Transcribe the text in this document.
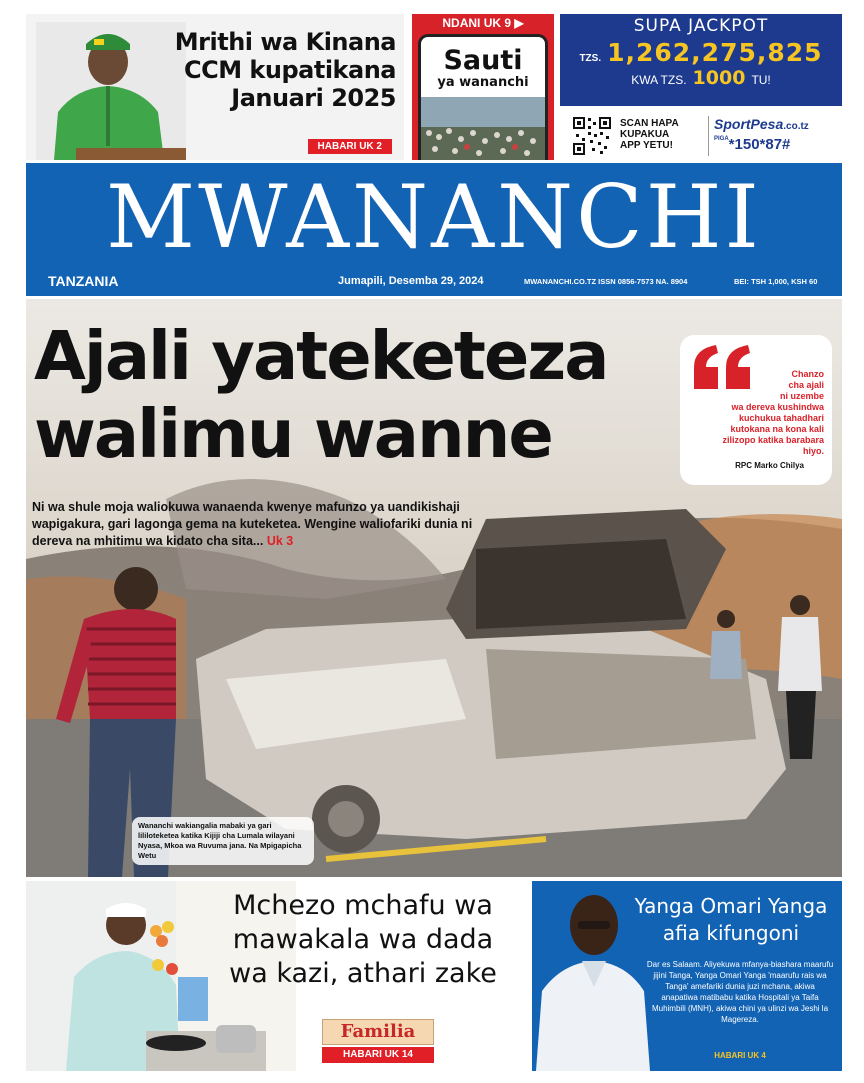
Mrithi wa Kinana
CCM kupatikana
Januari 2025
HABARI UK 2
NDANI UK 9 ▶
Sauti
ya wananchi
SUPA JACKPOT
TZS. 1,262,275,825
KWA TZS. 1000 TU!
SCAN HAPA
KUPAKUA
APP YETU!
SportPesa.co.tz
$^{PIGA}$*150*87#
MWANANCHI
TANZANIA	Jumapili, Desemba 29, 2024	MWANANCHI.CO.TZ ISSN 0856-7573 NA. 8904	BEI: TSH 1,000, KSH 60
Ajali yateketeza
walimu wanne
Ni wa shule moja waliokuwa wanaenda kwenye mafunzo ya uandikishaji wapigakura, gari lagonga gema na kuteketea. Wengine waliofariki dunia ni dereva na mhitimu wa kidato cha sita... Uk 3
Chanzo
cha ajali
ni uzembe
wa dereva kushindwa
kuchukua tahadhari
kutokana na kona kali
zilizopo katika barabara
hiyo.
RPC Marko Chilya
Wananchi wakiangalia mabaki ya gari lililoteketea katika Kijiji cha Lumala wilayani Nyasa, Mkoa wa Ruvuma jana. Na Mpigapicha Wetu
Mchezo mchafu wa
mawakala wa dada
wa kazi, athari zake
Familia
HABARI UK 14
Yanga Omari Yanga
afia kifungoni
Dar es Salaam. Aliyekuwa mfanya-biashara maarufu jijini Tanga, Yanga Omari Yanga 'maarufu rais wa Tanga' amefariki dunia juzi mchana, akiwa anapatiwa matibabu katika Hospitali ya Taifa Muhimbili (MNH), akiwa chini ya ulinzi wa Jeshi la Magereza.
HABARI UK 4
